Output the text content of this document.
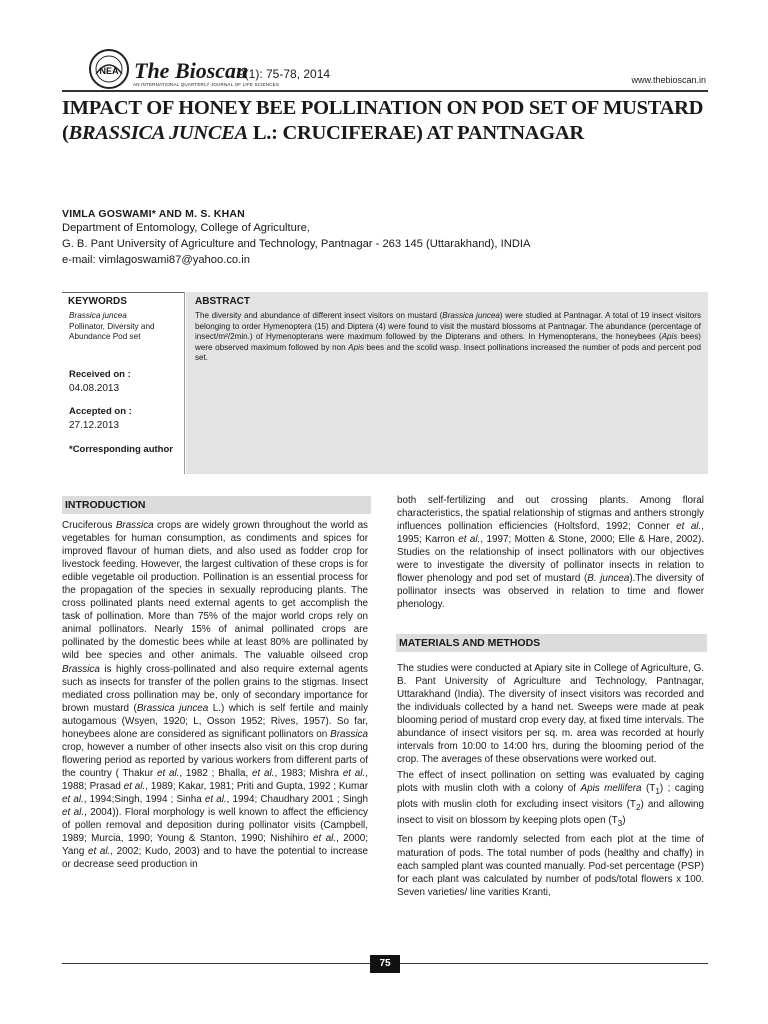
NEA The Bioscan
9(1): 75-78, 2014
AN INTERNATIONAL QUARTERLY JOURNAL OF LIFE SCIENCES	www.thebioscan.in
IMPACT OF HONEY BEE POLLINATION ON POD SET OF MUSTARD
(BRASSICA JUNCEA L.: CRUCIFERAE) AT PANTNAGAR
VIMLA GOSWAMI* AND M. S. KHAN
Department of Entomology, College of Agriculture,
G. B. Pant University of Agriculture and Technology, Pantnagar - 263 145 (Uttarakhand), INDIA
e-mail: vimlagoswami87@yahoo.co.in
KEYWORDS
Brassica juncea
Pollinator, Diversity and Abundance Pod set
Received on :
04.08.2013
Accepted on :
27.12.2013
*Corresponding author
ABSTRACT
The diversity and abundance of different insect visitors on mustard (Brassica juncea) were studied at Pantnagar. A total of 19 insect visitors belonging to order Hymenoptera (15) and Diptera (4) were found to visit the mustard blossoms at Pantnagar. The abundance (percentage of insect/m²/2min.) of Hymenopterans were maximum followed by the Dipterans and others. In Hymenopterans, the honeybees (Apis bees) were observed maximum followed by non Apis bees and the scolid wasp. Insect pollinations increased the number of pods and percent pod set.
INTRODUCTION

Cruciferous Brassica crops are widely grown throughout the world as vegetables for human consumption, as condiments and spices for improved flavour of human diets, and also used as fodder crop for livestock feeding. However, the largest cultivation of these crops is for edible vegetable oil production. Pollination is an essential process for the propagation of the species in sexually reproducing plants. The cross pollinated plants need external agents to get accomplish the task of pollination. More than 75% of the major world crops rely on animal pollinators. Nearly 15% of animal pollinated crops are pollinated by the domestic bees while at least 80% are pollinated by wild bee species and other animals. The valuable oilseed crop Brassica is highly cross-pollinated and also require external agents such as insects for transfer of the pollen grains to the stigmas. Insect mediated cross pollination may be, only of secondary importance for brown mustard (Brassica juncea L.) which is self fertile and mainly autogamous (Wsyen, 1920; L, Osson 1952; Rives, 1957). So far, honeybees alone are considered as significant pollinators on Brassica crop, however a number of other insects also visit on this crop during flowering period as reported by various workers from different parts of the country ( Thakur et al., 1982 ; Bhalla, et al., 1983; Mishra et al., 1988; Prasad et al., 1989; Kakar, 1981; Priti and Gupta, 1992 ; Kumar et al., 1994;Singh, 1994 ; Sinha et al., 1994; Chaudhary 2001 ; Singh et al., 2004)). Floral morphology is well known to affect the efficiency of pollen removal and deposition during pollinator visits (Campbell, 1989; Murcia, 1990; Young & Stanton, 1990; Nishihiro et al., 2000; Yang et al., 2002; Kudo, 2003) and to have the potential to increase or decrease seed production in

both self-fertilizing and out crossing plants. Among floral characteristics, the spatial relationship of stigmas and anthers strongly influences pollination efficiencies (Holtsford, 1992; Conner et al., 1995; Karron et al., 1997; Motten & Stone, 2000; Elle & Hare, 2002). Studies on the relationship of insect pollinators with our objectives were to investigate the diversity of pollinator insects in relation to flower phenology and pod set of mustard (B. juncea).The diversity of pollinator insects was observed in relation to time and flower phenology.

MATERIALS AND METHODS

The studies were conducted at Apiary site in College of Agriculture, G. B. Pant University of Agriculture and Technology, Pantnagar, Uttarakhand (India). The diversity of insect visitors was recorded and the individuals collected by a hand net. Sweeps were made at peak blooming period of mustard crop every day, at fixed time intervals. The abundance of insect visitors per sq. m. area was recorded at hourly intervals from 10:00 to 14:00 hrs, during the blooming period of the crop. The averages of these observations were worked out.

The effect of insect pollination on setting was evaluated by caging plots with muslin cloth with a colony of Apis mellifera $(T_1)$ ; caging plots with muslin cloth for excluding insect visitors $(T_2)$ and allowing insect to visit on blossom by keeping plots open $(T_3)$

Ten plants were randomly selected from each plot at the time of maturation of pods. The total number of pods (healthy and chaffy) in each sampled plant was counted manually. Pod-set percentage (PSP) for each plant was calculated by number of pods/total flowers x 100. Seven varieties/ line varities Kranti,

75
